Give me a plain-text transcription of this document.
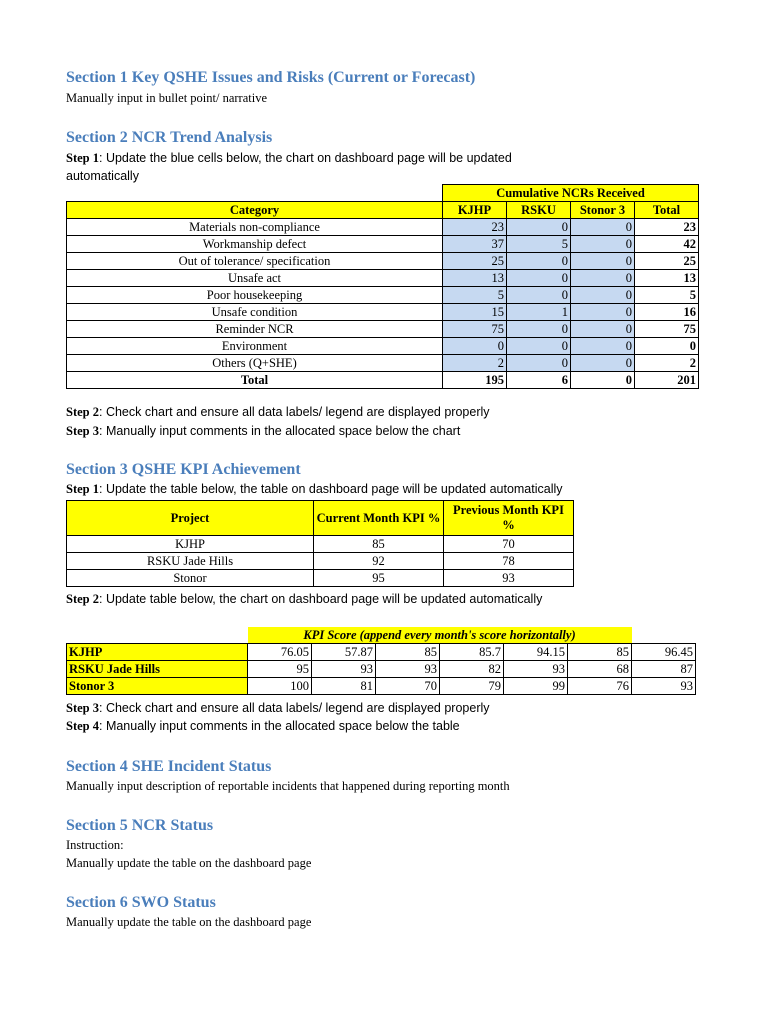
Section 1 Key QSHE Issues and Risks (Current or Forecast)
Manually input in bullet point/ narrative
Section 2 NCR Trend Analysis
Step 1: Update the blue cells below, the chart on dashboard page will be updated
automatically
	Cumulative NCRs Received			
Category	KJHP	RSKU	Stonor 3	Total
Materials non-compliance	23	0	0	23
Workmanship defect	37	5	0	42
Out of tolerance/ specification	25	0	0	25
Unsafe act	13	0	0	13
Poor housekeeping	5	0	0	5
Unsafe condition	15	1	0	16
Reminder NCR	75	0	0	75
Environment	0	0	0	0
Others (Q+SHE)	2	0	0	2
Total	195	6	0	201
Step 2: Check chart and ensure all data labels/ legend are displayed properly
Step 3: Manually input comments in the allocated space below the chart
Section 3 QSHE KPI Achievement
Step 1: Update the table below, the table on dashboard page will be updated automatically
Project	Current Month KPI %	Previous Month KPI %
KJHP	85	70
RSKU Jade Hills	92	78
Stonor	95	93
Step 2: Update table below, the chart on dashboard page will be updated automatically
	KPI Score (append every month's score horizontally)						
KJHP	76.05	57.87	85	85.7	94.15	85	96.45
RSKU Jade Hills	95	93	93	82	93	68	87
Stonor 3	100	81	70	79	99	76	93
Step 3: Check chart and ensure all data labels/ legend are displayed properly
Step 4: Manually input comments in the allocated space below the table
Section 4 SHE Incident Status
Manually input description of reportable incidents that happened during reporting month
Section 5 NCR Status
Instruction:
Manually update the table on the dashboard page
Section 6 SWO Status
Manually update the table on the dashboard page
